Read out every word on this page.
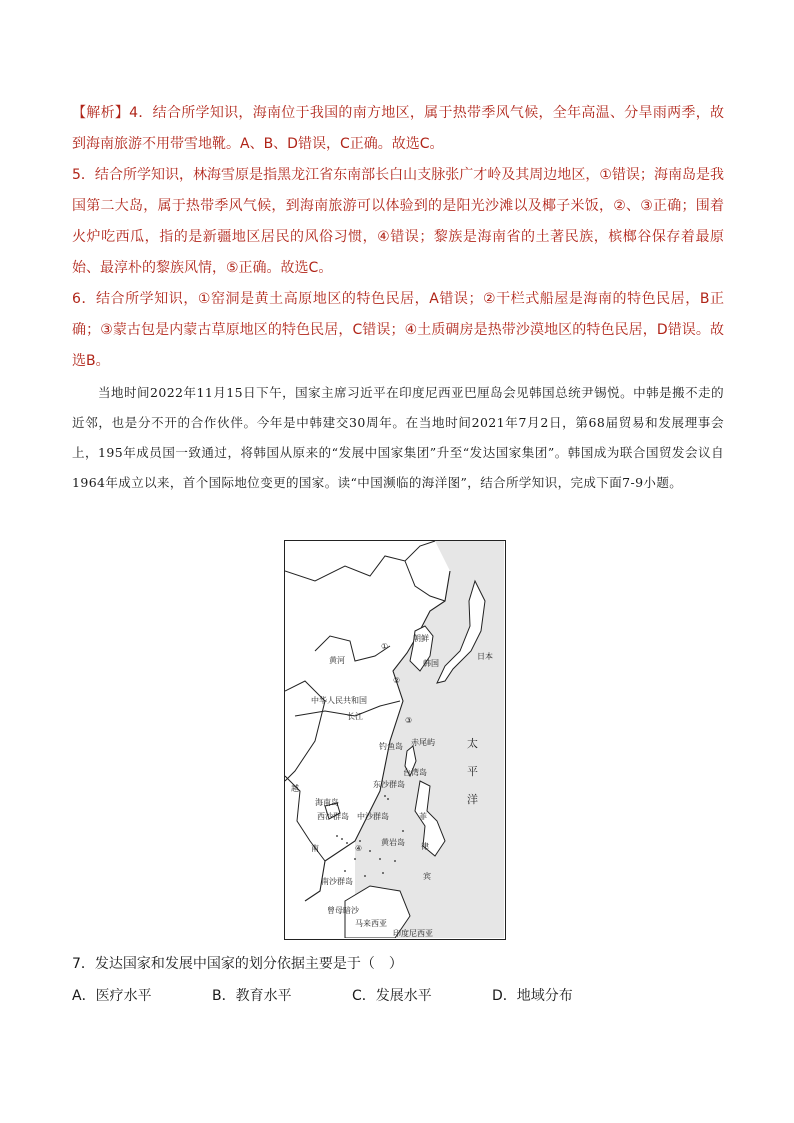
【解析】4．结合所学知识，海南位于我国的南方地区，属于热带季风气候，全年高温、分旱雨两季，故到海南旅游不用带雪地靴。A、B、D错误，C正确。故选C。

5．结合所学知识，林海雪原是指黑龙江省东南部长白山支脉张广才岭及其周边地区，①错误；海南岛是我国第二大岛，属于热带季风气候，到海南旅游可以体验到的是阳光沙滩以及椰子米饭，②、③正确；围着火炉吃西瓜，指的是新疆地区居民的风俗习惯，④错误；黎族是海南省的土著民族，槟榔谷保存着最原始、最淳朴的黎族风情，⑤正确。故选C。

6．结合所学知识，①窑洞是黄土高原地区的特色民居，A错误；②干栏式船屋是海南的特色民居，B正确；③蒙古包是内蒙古草原地区的特色民居，C错误；④土质碉房是热带沙漠地区的特色民居，D错误。故选B。

当地时间2022年11月15日下午，国家主席习近平在印度尼西亚巴厘岛会见韩国总统尹锡悦。中韩是搬不走的近邻，也是分不开的合作伙伴。今年是中韩建交30周年。在当地时间2021年7月2日，第68届贸易和发展理事会上，195年成员国一致通过，将韩国从原来的“发展中国家集团”升至“发达国家集团”。韩国成为联合国贸发会议自1964年成立以来，首个国际地位变更的国家。读“中国濒临的海洋图”，结合所学知识，完成下面7-9小题。

黄河
中华人民共和国
长江
朝鲜
韩国
日本
钓鱼岛 赤尾屿
台湾岛
东沙群岛
海南岛
西沙群岛 中沙群岛
黄岩岛
南沙群岛
曾母暗沙
马来西亚
印度尼西亚
菲
律
宾
越
南
①
②
③
④
太
平
洋
7．发达国家和发展中国家的划分依据主要是于（　）
A．医疗水平	B．教育水平	C．发展水平	D．地域分布
